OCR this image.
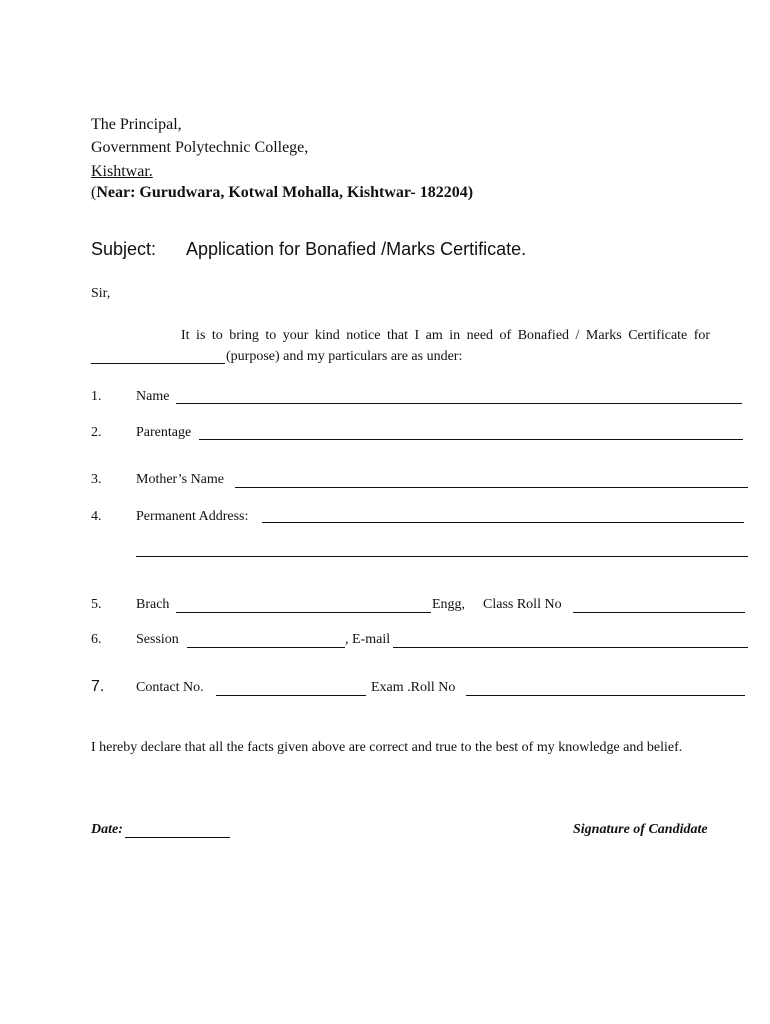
The Principal,
Government Polytechnic College,
Kishtwar.
(Near: Gurudwara, Kotwal Mohalla, Kishtwar- 182204)
Subject: Application for Bonafied /Marks Certificate.
Sir,
It is to bring to your kind notice that I am in need of Bonafied / Marks Certificate for
(purpose) and my particulars are as under:
1. Name
2. Parentage
3. Mother’s Name
4. Permanent Address:
5. Brach	Engg, Class Roll No
6. Session	, E-mail
7. Contact No.	Exam .Roll No
I hereby declare that all the facts given above are correct and true to the best of my knowledge and belief.
Date:	Signature of Candidate
